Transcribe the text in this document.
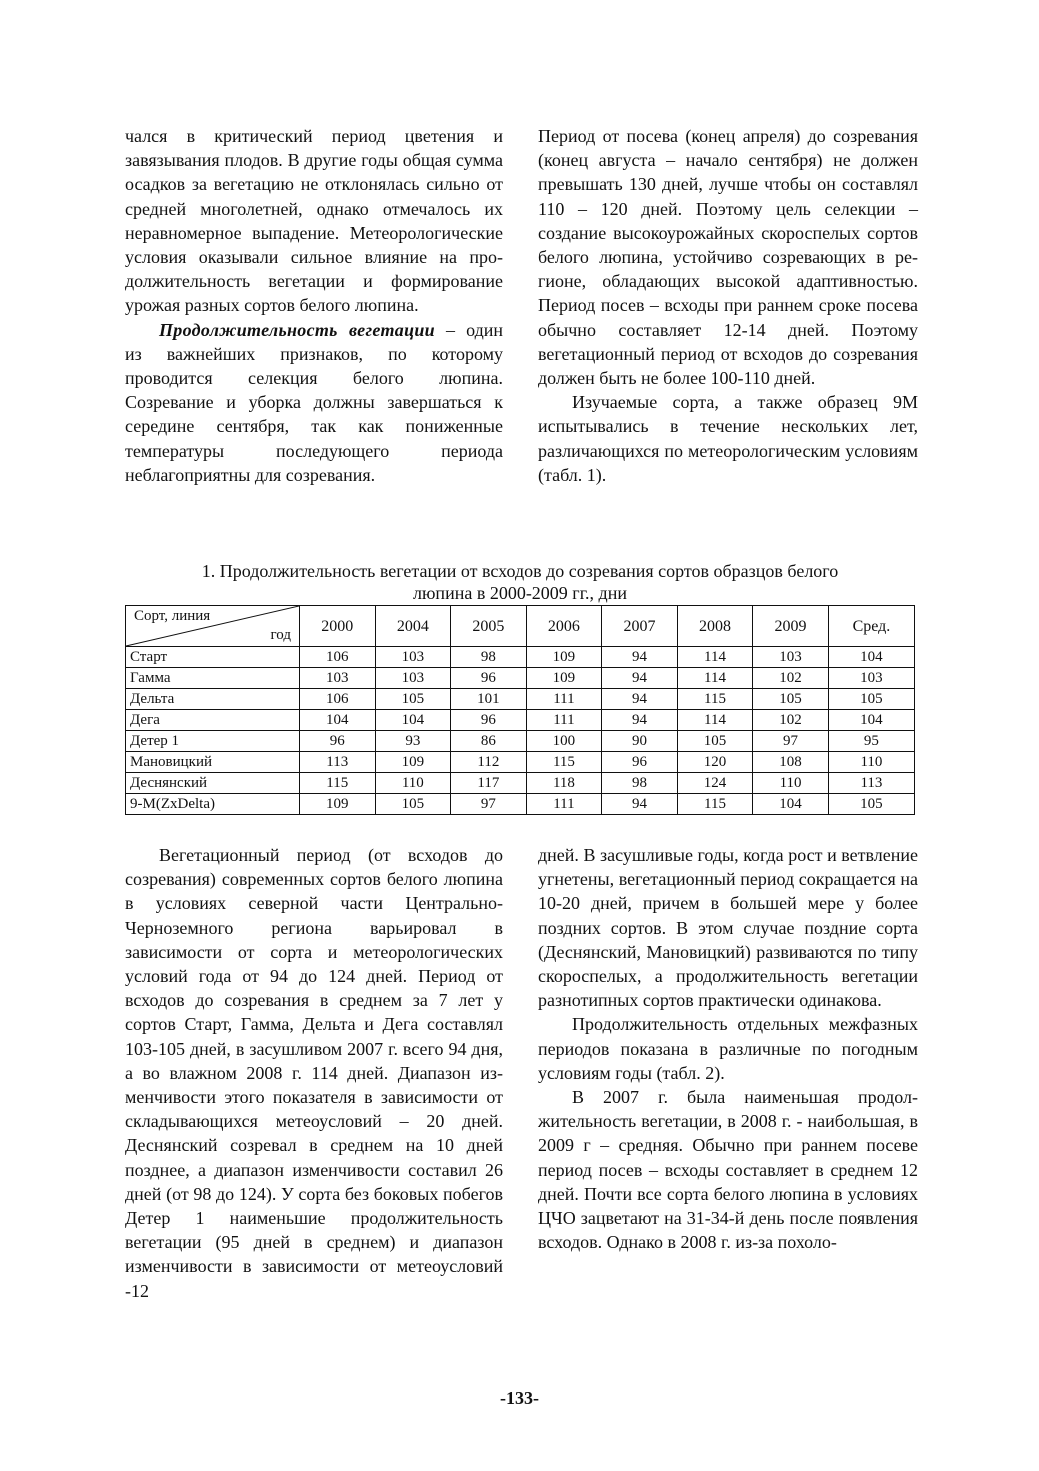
чался в критический период цветения и завязывания плодов. В другие годы общая сумма осадков за вегетацию не отклонялась сильно от средней многолетней, однако отмечалось их неравномерное выпадение. Метеорологические условия оказывали сильное влияние на продолжительность вегетации и формирование урожая разных сортов белого люпина.

Продолжительность вегетации – один из важнейших признаков, по которому проводится селекция белого люпина. Созревание и уборка должны завершаться к середине сентября, так как пониженные температуры последующего периода неблагоприятны для созревания.

Период от посева (конец апреля) до созревания (конец августа – начало сентября) не должен превышать 130 дней, лучше чтобы он составлял 110 – 120 дней. Поэтому цель селекции – создание высокоурожайных скороспелых сортов белого люпина, устойчиво созревающих в регионе, обладающих высокой адаптивностью. Период посев – всходы при раннем сроке посева обычно составляет 12-14 дней. Поэтому вегетационный период от всходов до созревания должен быть не более 100-110 дней.

Изучаемые сорта, а также образец 9М испытывались в течение нескольких лет, различающихся по метеорологическим условиям (табл. 1).

1. Продолжительность вегетации от всходов до созревания сортов образцов белого
люпина в 2000-2009 гг., дни
Сорт, линия
год	2000	2004	2005	2006	2007	2008	2009	Сред.
Старт	106	103	98	109	94	114	103	104
Гамма	103	103	96	109	94	114	102	103
Дельта	106	105	101	111	94	115	105	105
Дега	104	104	96	111	94	114	102	104
Детер 1	96	93	86	100	90	105	97	95
Мановицкий	113	109	112	115	96	120	108	110
Деснянский	115	110	117	118	98	124	110	113
9-M(ZxDelta)	109	105	97	111	94	115	104	105

Вегетационный период (от всходов до созревания) современных сортов белого люпина в условиях северной части Центрально-Черноземного региона варьировал в зависимости от сорта и метеорологических условий года от 94 до 124 дней. Период от всходов до созревания в среднем за 7 лет у сортов Старт, Гамма, Дельта и Дега составлял 103-105 дней, в засушливом 2007 г. всего 94 дня, а во влажном 2008 г. 114 дней. Диапазон изменчивости этого показателя в зависимости от складывающихся метеоусловий – 20 дней. Деснянский созревал в среднем на 10 дней позднее, а диапазон изменчивости составил 26 дней (от 98 до 124). У сорта без боковых побегов Детер 1 наименьшие продолжительность вегетации (95 дней в среднем) и диапазон изменчивости в зависимости от метеоусловий -12

дней. В засушливые годы, когда рост и ветвление угнетены, вегетационный период сокращается на 10-20 дней, причем в большей мере у более поздних сортов. В этом случае поздние сорта (Деснянский, Мановицкий) развиваются по типу скороспелых, а продолжительность вегетации разнотипных сортов практически одинакова.

Продолжительность отдельных межфазных периодов показана в различные по погодным условиям годы (табл. 2).

В 2007 г. была наименьшая продолжительность вегетации, в 2008 г. - наибольшая, в 2009 г – средняя. Обычно при раннем посеве период посев – всходы составляет в среднем 12 дней. Почти все сорта белого люпина в условиях ЦЧО зацветают на 31-34-й день после появления всходов. Однако в 2008 г. из-за похоло-

-133-
